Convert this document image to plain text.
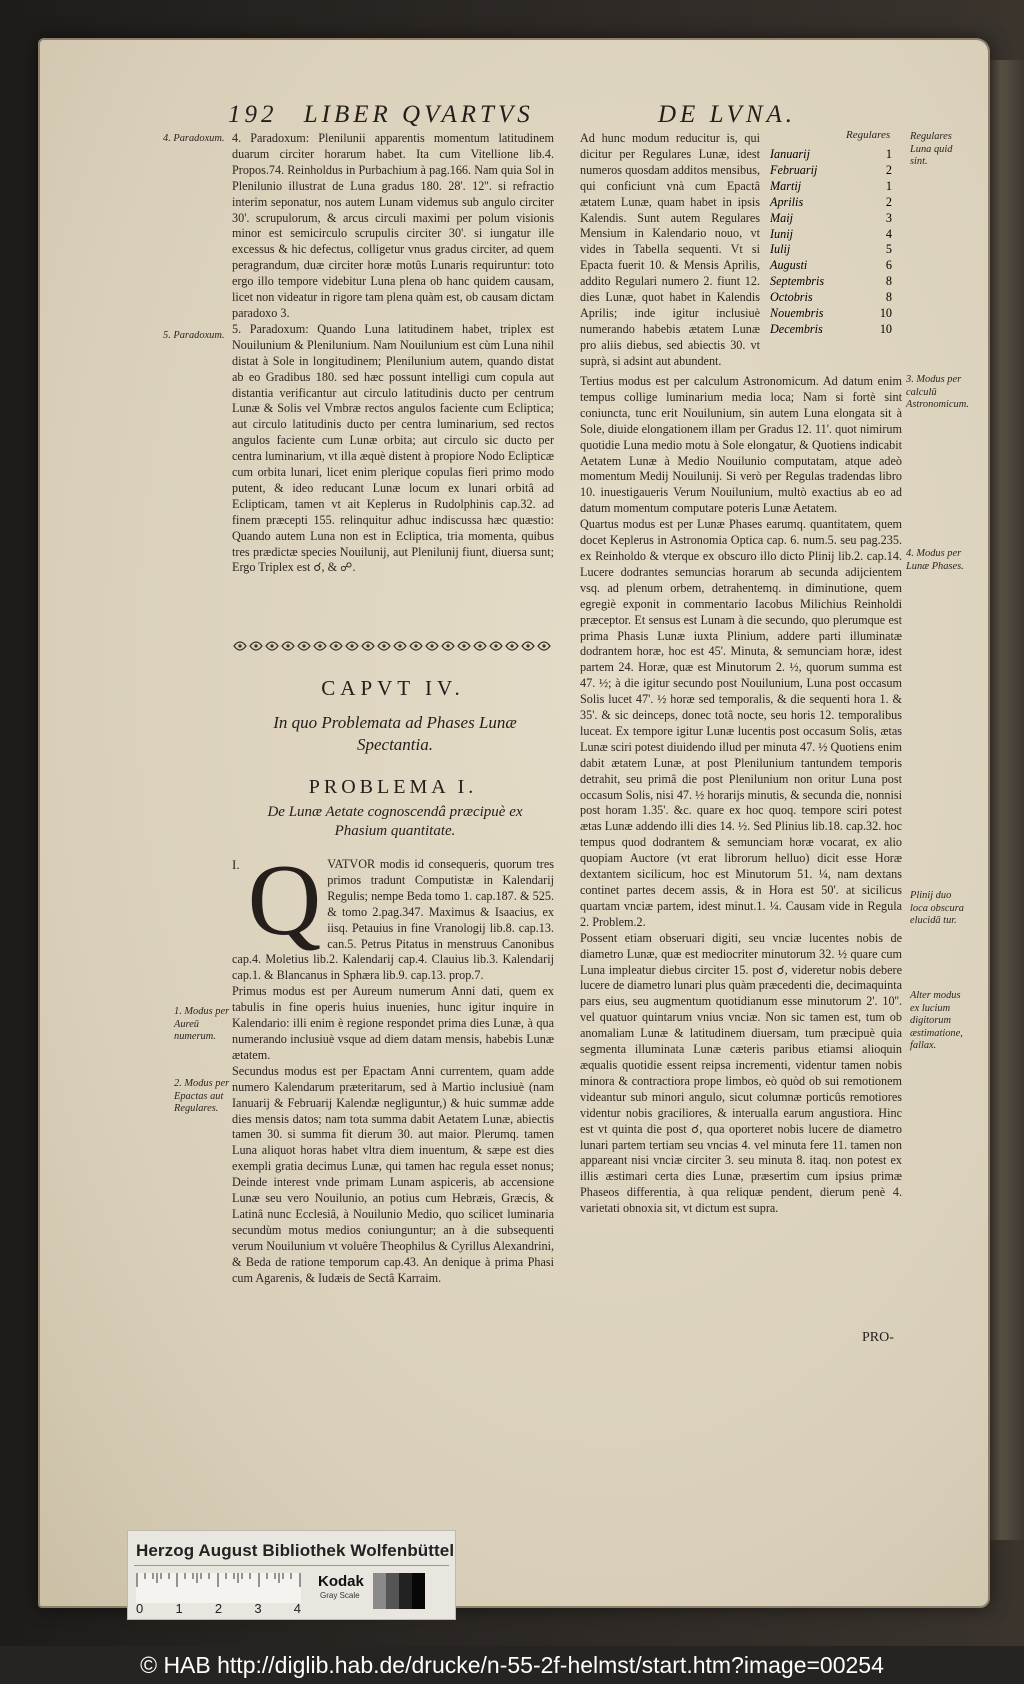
192 LIBER QVARTVS	DE LVNA.
4. Paradoxum.
5. Paradoxum.
1. Modus per Aureū numerum.
2. Modus per Epactas aut Regulares.

4. Paradoxum: Plenilunii apparentis momentum latitudinem duarum circiter horarum habet. Ita cum Vitellione lib.4. Propos.74. Reinholdus in Purbachium à pag.166. Nam quia Sol in Plenilunio illustrat de Luna gradus 180. 28'. 12''. si refractio interim seponatur, nos autem Lunam videmus sub angulo circiter 30'. scrupulorum, & arcus circuli maximi per polum visionis minor est semicirculo scrupulis circiter 30'. si iungatur ille excessus & hic defectus, colligetur vnus gradus circiter, ad quem peragrandum, duæ circiter horæ motûs Lunaris requiruntur: toto ergo illo tempore videbitur Luna plena ob hanc quidem causam, licet non videatur in rigore tam plena quàm est, ob causam dictam paradoxo 3.

5. Paradoxum: Quando Luna latitudinem habet, triplex est Nouilunium & Plenilunium. Nam Nouilunium est cùm Luna nihil distat à Sole in longitudinem; Plenilunium autem, quando distat ab eo Gradibus 180. sed hæc possunt intelligi cum copula aut distantia verificantur aut circulo latitudinis ducto per centrum Lunæ & Solis vel Vmbræ rectos angulos faciente cum Ecliptica; aut circulo latitudinis ducto per centra luminarium, sed rectos angulos faciente cum Lunæ orbita; aut circulo sic ducto per centra luminarium, vt illa æquè distent à propiore Nodo Eclipticæ cum orbita lunari, licet enim plerique copulas fieri primo modo putent, & ideo reducant Lunæ locum ex lunari orbitâ ad Eclipticam, tamen vt ait Keplerus in Rudolphinis cap.32. ad finem præcepti 155. relinquitur adhuc indiscussa hæc quæstio: Quando autem Luna non est in Ecliptica, tria momenta, quibus tres prædictæ species Nouilunij, aut Plenilunij fiunt, diuersa sunt; Ergo Triplex est ☌, & ☍.

CAPVT IV.
In quo Problemata ad Phases Lunæ Spectantia.
PROBLEMA I.
De Lunæ Aetate cognoscendâ præcipuè ex Phasium quantitate.

I. Q VATVOR modis id consequeris, quorum tres primos tradunt Computistæ in Kalendarij Regulis; nempe Beda tomo 1. cap.187. & 525. & tomo 2.pag.347. Maximus & Isaacius, ex iisq. Petauius in fine Vranologij lib.8. cap.13. can.5. Petrus Pitatus in menstruus Canonibus cap.4. Moletius lib.2. Kalendarij cap.4. Clauius lib.3. Kalendarij cap.1. & Blancanus in Sphæra lib.9. cap.13. prop.7.

Primus modus est per Aureum numerum Anni dati, quem ex tabulis in fine operis huius inuenies, hunc igitur inquire in Kalendario: illi enim è regione respondet prima dies Lunæ, à qua numerando inclusiuè vsque ad diem datam mensis, habebis Lunæ ætatem.

Secundus modus est per Epactam Anni currentem, quam adde numero Kalendarum præteritarum, sed à Martio inclusiuè (nam Ianuarij & Februarij Kalendæ negliguntur,) & huic summæ adde dies mensis datos; nam tota summa dabit Aetatem Lunæ, abiectis tamen 30. si summa fit dierum 30. aut maior. Plerumq. tamen Luna aliquot horas habet vltra diem inuentum, & sæpe est dies exempli gratia decimus Lunæ, qui tamen hac regula esset nonus; Deinde interest vnde primam Lunam aspiceris, ab accensione Lunæ seu vero Nouilunio, an potius cum Hebræis, Græcis, & Latinâ nunc Ecclesiâ, à Nouilunio Medio, quo scilicet luminaria secundùm motus medios coniunguntur; an à die subsequenti verum Nouilunium vt voluêre Theophilus & Cyrillus Alexandrini, & Beda de ratione temporum cap.43. An denique à prima Phasi cum Agarenis, & Iudæis de Sectâ Karraim.

Ad hunc modum reducitur is, qui dicitur per Regulares Lunæ, idest numeros quosdam additos mensibus, qui conficiunt vnà cum Epactâ ætatem Lunæ, quam habet in ipsis Kalendis. Sunt autem Regulares Mensium in Kalendario nouo, vt vides in Tabella sequenti. Vt si Epacta fuerit 10. & Mensis Aprilis, addito Regulari numero 2. fiunt 12. dies Lunæ, quot habet in Kalendis Aprilis; inde igitur inclusiuè numerando habebis ætatem Lunæ pro aliis diebus, sed abiectis 30. vt suprà, si adsint aut abundent.

Regulares
Ianuarij	1
Februarij	2
Martij	1
Aprilis	2
Maij	3
Iunij	4
Iulij	5
Augusti	6
Septembris	8
Octobris	8
Nouembris	10
Decembris	10

Tertius modus est per calculum Astronomicum. Ad datum enim tempus collige luminarium media loca; Nam si fortè sint coniuncta, tunc erit Nouilunium, sin autem Luna elongata sit à Sole, diuide elongationem illam per Gradus 12. 11'. quot nimirum quotidie Luna medio motu à Sole elongatur, & Quotiens indicabit Aetatem Lunæ à Medio Nouilunio computatam, atque adeò momentum Medij Nouilunij. Si verò per Regulas tradendas libro 10. inuestigaueris Verum Nouilunium, multò exactius ab eo ad datum momentum computare poteris Lunæ Aetatem.

Quartus modus est per Lunæ Phases earumq. quantitatem, quem docet Keplerus in Astronomia Optica cap. 6. num.5. seu pag.235. ex Reinholdo & vterque ex obscuro illo dicto Plinij lib.2. cap.14. Lucere dodrantes semuncias horarum ab secunda adijcientem vsq. ad plenum orbem, detrahentemq. in diminutione, quem egregiè exponit in commentario Iacobus Milichius Reinholdi præceptor. Et sensus est Lunam à die secundo, quo plerumque est prima Phasis Lunæ iuxta Plinium, addere parti illuminatæ dodrantem horæ, hoc est 45'. Minuta, & semunciam horæ, idest partem 24. Horæ, quæ est Minutorum 2. ½, quorum summa est 47. ½; à die igitur secundo post Nouilunium, Luna post occasum Solis lucet 47'. ½ horæ sed temporalis, & die sequenti hora 1. & 35'. & sic deinceps, donec totâ nocte, seu horis 12. temporalibus luceat. Ex tempore igitur Lunæ lucentis post occasum Solis, ætas Lunæ sciri potest diuidendo illud per minuta 47. ½ Quotiens enim dabit ætatem Lunæ, at post Plenilunium tantundem temporis detrahit, seu primâ die post Plenilunium non oritur Luna post occasum Solis, nisi 47. ½ horarijs minutis, & secunda die, nonnisi post horam 1.35'. &c. quare ex hoc quoq. tempore sciri potest ætas Lunæ addendo illi dies 14. ½. Sed Plinius lib.18. cap.32. hoc tempus quod dodrantem & semunciam horæ vocarat, ex alio quopiam Auctore (vt erat librorum helluo) dicit esse Horæ dextantem sicilicum, hoc est Minutorum 51. ¼, nam dextans continet partes decem assis, & in Hora est 50'. at sicilicus quartam vnciæ partem, idest minut.1. ¼. Causam vide in Regula 2. Problem.2.

Possent etiam obseruari digiti, seu vnciæ lucentes nobis de diametro Lunæ, quæ est mediocriter minutorum 32. ½ quare cum Luna impleatur diebus circiter 15. post ☌, videretur nobis debere lucere de diametro lunari plus quàm præcedenti die, decimaquinta pars eius, seu augmentum quotidianum esse minutorum 2'. 10''. vel quatuor quintarum vnius vnciæ. Non sic tamen est, tum ob anomaliam Lunæ & latitudinem diuersam, tum præcipuè quia segmenta illuminata Lunæ cæteris paribus etiamsi alioquin æqualis quotidie essent reipsa incrementi, videntur tamen nobis minora & contractiora prope limbos, eò quòd ob sui remotionem videantur sub minori angulo, sicut columnæ porticûs remotiores videntur nobis graciliores, & interualla earum angustiora. Hinc est vt quinta die post ☌, qua oporteret nobis lucere de diametro lunari partem tertiam seu vncias 4. vel minuta fere 11. tamen non appareant nisi vnciæ circiter 3. seu minuta 8. itaq. non potest ex illis æstimari certa dies Lunæ, præsertim cum ipsius primæ Phaseos differentia, à qua reliquæ pendent, dierum penè 4. varietati obnoxia sit, vt dictum est supra.

PRO-
Regulares Luna quid sint.
3. Modus per calculū Astronomicum.
4. Modus per Lunæ Phases.
Plinij duo loca obscura elucidā tur.
Alter modus ex lucium digitorum æstimatione, fallax.
Herzog August Bibliothek Wolfenbüttel
0 1 2 3 4
Kodak
Gray Scale
© HAB http://diglib.hab.de/drucke/n-55-2f-helmst/start.htm?image=00254
